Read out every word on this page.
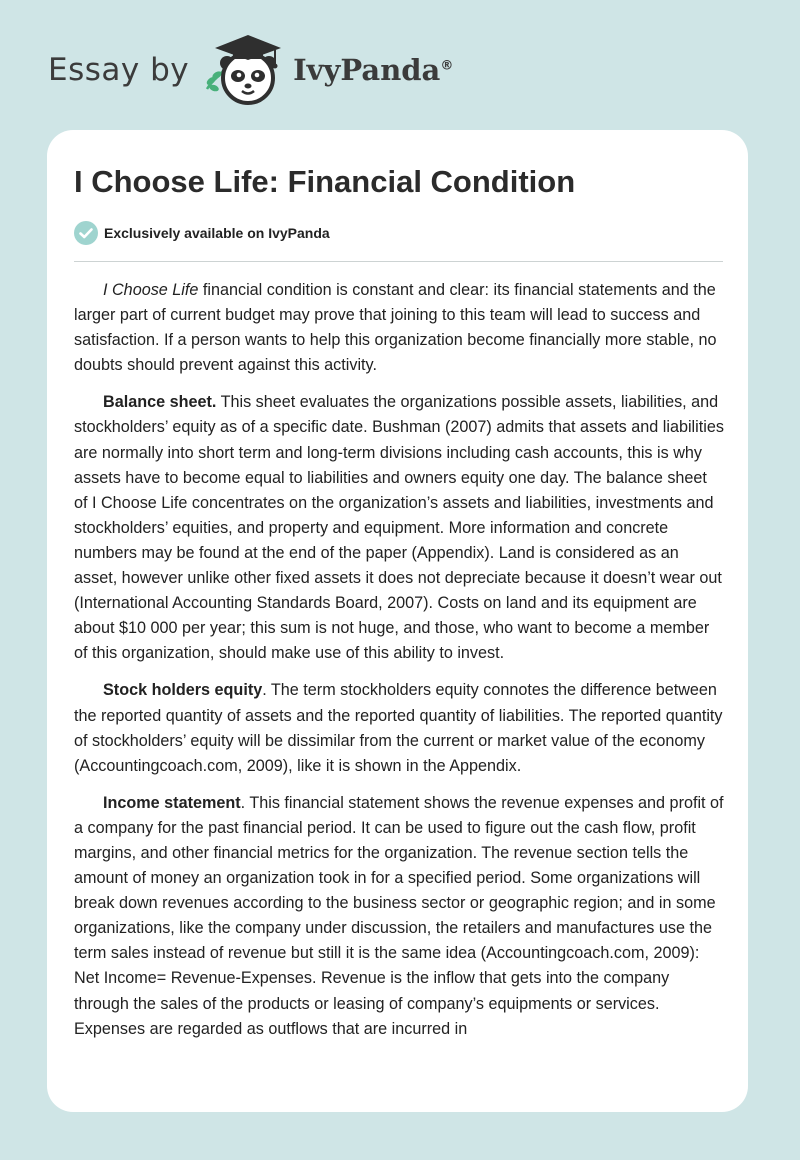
Essay by	IvyPanda®
I Choose Life: Financial Condition
Exclusively available on IvyPanda

I Choose Life financial condition is constant and clear: its financial statements and the larger part of current budget may prove that joining to this team will lead to success and satisfaction. If a person wants to help this organization become financially more stable, no doubts should prevent against this activity.

Balance sheet. This sheet evaluates the organizations possible assets, liabilities, and stockholders’ equity as of a specific date. Bushman (2007) admits that assets and liabilities are normally into short term and long-term divisions including cash accounts, this is why assets have to become equal to liabilities and owners equity one day. The balance sheet of I Choose Life concentrates on the organization’s assets and liabilities, investments and stockholders’ equities, and property and equipment. More information and concrete numbers may be found at the end of the paper (Appendix). Land is considered as an asset, however unlike other fixed assets it does not depreciate because it doesn’t wear out (International Accounting Standards Board, 2007). Costs on land and its equipment are about $10 000 per year; this sum is not huge, and those, who want to become a member of this organization, should make use of this ability to invest.

Stock holders equity. The term stockholders equity connotes the difference between the reported quantity of assets and the reported quantity of liabilities. The reported quantity of stockholders’ equity will be dissimilar from the current or market value of the economy (Accountingcoach.com, 2009), like it is shown in the Appendix.

Income statement. This financial statement shows the revenue expenses and profit of a company for the past financial period. It can be used to figure out the cash flow, profit margins, and other financial metrics for the organization. The revenue section tells the amount of money an organization took in for a specified period. Some organizations will break down revenues according to the business sector or geographic region; and in some organizations, like the company under discussion, the retailers and manufactures use the term sales instead of revenue but still it is the same idea (Accountingcoach.com, 2009): Net Income= Revenue-Expenses. Revenue is the inflow that gets into the company through the sales of the products or leasing of company’s equipments or services. Expenses are regarded as outflows that are incurred in
